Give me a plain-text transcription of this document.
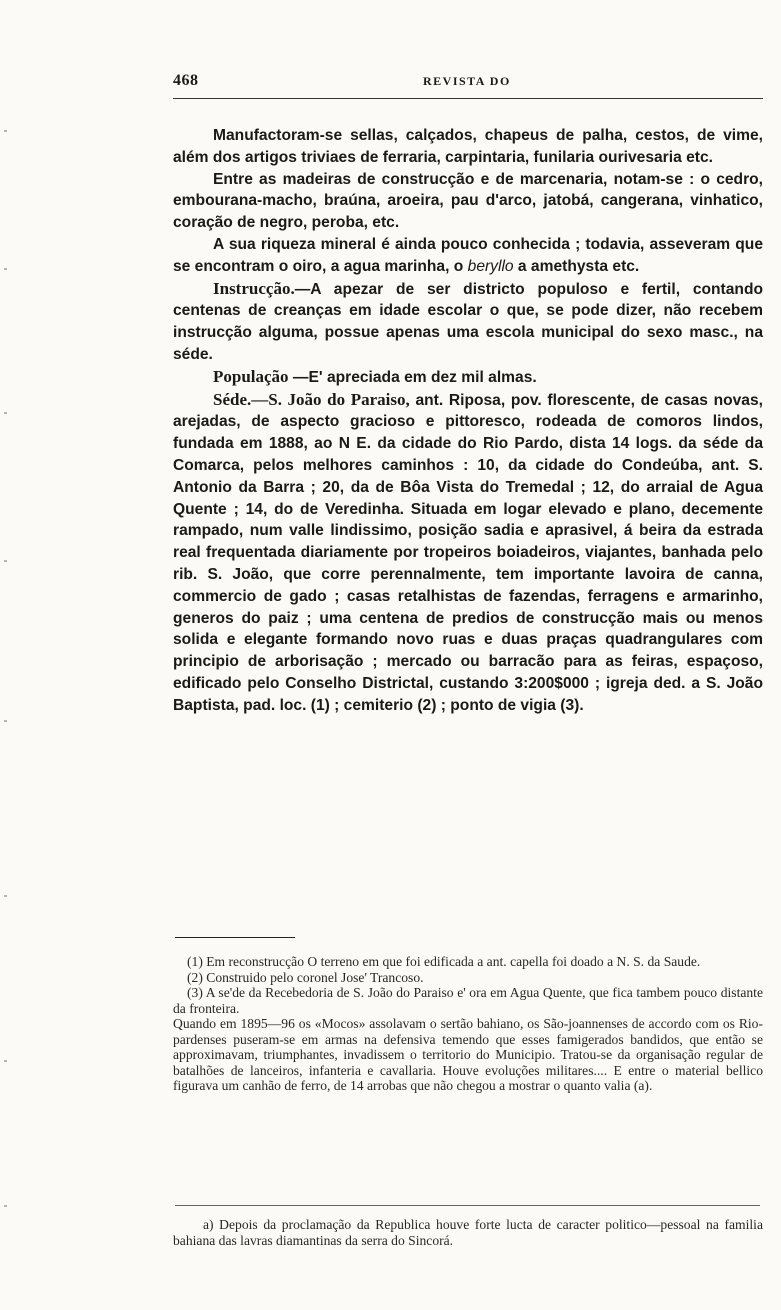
468	REVISTA DO

Manufactoram-se sellas, calçados, chapeus de palha, cestos, de vime, além dos artigos triviaes de ferraria, carpintaria, funilaria ourivesaria etc.

Entre as madeiras de construcção e de marcenaria, notam-se : o cedro, embourana-macho, braúna, aroeira, pau d'arco, jatobá, cangerana, vinhatico, coração de negro, peroba, etc.

A sua riqueza mineral é ainda pouco conhecida ; todavia, asseveram que se encontram o oiro, a agua marinha, o beryllo a amethysta etc.

Instrucção.—A apezar de ser districto populoso e fertil, contando centenas de creanças em idade escolar o que, se pode dizer, não recebem instrucção alguma, possue apenas uma escola municipal do sexo masc., na séde.

População —E' apreciada em dez mil almas.

Séde.—S. João do Paraiso, ant. Riposa, pov. florescente, de casas novas, arejadas, de aspecto gracioso e pittoresco, rodeada de comoros lindos, fundada em 1888, ao N E. da cidade do Rio Pardo, dista 14 logs. da séde da Comarca, pelos melhores caminhos : 10, da cidade do Condeúba, ant. S. Antonio da Barra ; 20, da de Bôa Vista do Tremedal ; 12, do arraial de Agua Quente ; 14, do de Veredinha. Situada em logar elevado e plano, decemente rampado, num valle lindissimo, posição sadia e aprasivel, á beira da estrada real frequentada diariamente por tropeiros boiadeiros, viajantes, banhada pelo rib. S. João, que corre perennalmente, tem importante lavoira de canna, commercio de gado ; casas retalhistas de fazendas, ferragens e armarinho, generos do paiz ; uma centena de predios de construcção mais ou menos solida e elegante formando novo ruas e duas praças quadrangulares com principio de arborisação ; mercado ou barracão para as feiras, espaçoso, edificado pelo Conselho Districtal, custando 3:200$000 ; igreja ded. a S. João Baptista, pad. loc. (1) ; cemiterio (2) ; ponto de vigia (3).

(1) Em reconstrucção O terreno em que foi edificada a ant. capella foi doado a N. S. da Saude.

(2) Construido pelo coronel Jose' Trancoso.

(3) A se'de da Recebedoria de S. João do Paraiso e' ora em Agua Quente, que fica tambem pouco distante da fronteira.

Quando em 1895—96 os «Mocos» assolavam o sertão bahiano, os São-joannenses de accordo com os Rio-pardenses puseram-se em armas na defensiva temendo que esses famigerados bandidos, que então se approximavam, triumphantes, invadissem o territorio do Municipio. Tratou-se da organisação regular de batalhões de lanceiros, infanteria e cavallaria. Houve evoluções militares.... E entre o material bellico figurava um canhão de ferro, de 14 arrobas que não chegou a mostrar o quanto valia (a).

a) Depois da proclamação da Republica houve forte lucta de caracter politico—pessoal na familia bahiana das lavras diamantinas da serra do Sincorá.
